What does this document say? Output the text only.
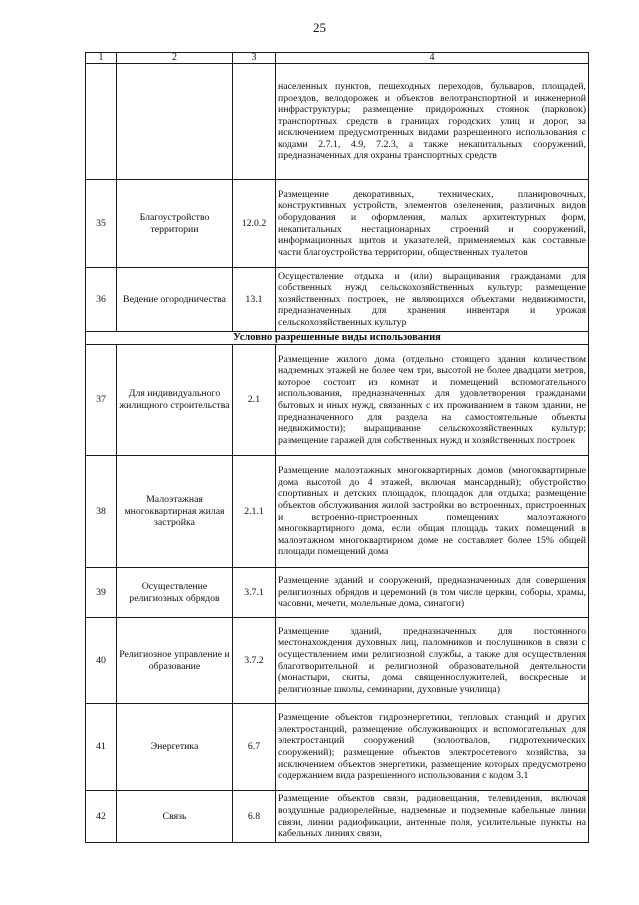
25
1	2	3	4
			населенных пунктов, пешеходных переходов, бульваров, площадей, проездов, велодорожек и объектов велотранспортной и инженерной инфраструктуры; размещение придорожных стоянок (парковок) транспортных средств в границах городских улиц и дорог, за исключением предусмотренных видами разрешенного использования с кодами 2.7.1, 4.9, 7.2.3, а также некапитальных сооружений, предназначенных для охраны транспортных средств
35	Благоустройство территории	12.0.2	Размещение декоративных, технических, планировочных, конструктивных устройств, элементов озеленения, различных видов оборудования и оформления, малых архитектурных форм, некапитальных нестационарных строений и сооружений, информационных щитов и указателей, применяемых как составные части благоустройства территории, общественных туалетов
36	Ведение огородничества	13.1	Осуществление отдыха и (или) выращивания гражданами для собственных нужд сельскохозяйственных культур; размещение хозяйственных построек, не являющихся объектами недвижимости, предназначенных для хранения инвентаря и урожая сельскохозяйственных культур
Условно разрешенные виды использования			
37	Для индивидуального жилищного строительства	2.1	Размещение жилого дома (отдельно стоящего здания количеством надземных этажей не более чем три, высотой не более двадцати метров, которое состоит из комнат и помещений вспомогательного использования, предназначенных для удовлетворения гражданами бытовых и иных нужд, связанных с их проживанием в таком здании, не предназначенного для раздела на самостоятельные объекты недвижимости); выращивание сельскохозяйственных культур; размещение гаражей для собственных нужд и хозяйственных построек
38	Малоэтажная многоквартирная жилая застройка	2.1.1	Размещение малоэтажных многоквартирных домов (многоквартирные дома высотой до 4 этажей, включая мансардный); обустройство спортивных и детских площадок, площадок для отдыха; размещение объектов обслуживания жилой застройки во встроенных, пристроенных и встроенно-пристроенных помещениях малоэтажного многоквартирного дома, если общая площадь таких помещений в малоэтажном многоквартирном доме не составляет более 15% общей площади помещений дома
39	Осуществление религиозных обрядов	3.7.1	Размещение зданий и сооружений, предназначенных для совершения религиозных обрядов и церемоний (в том числе церкви, соборы, храмы, часовни, мечети, молельные дома, синагоги)
40	Религиозное управление и образование	3.7.2	Размещение зданий, предназначенных для постоянного местонахождения духовных лиц, паломников и послушников в связи с осуществлением ими религиозной службы, а также для осуществления благотворительной и религиозной образовательной деятельности (монастыри, скиты, дома священнослужителей, воскресные и религиозные школы, семинарии, духовные училища)
41	Энергетика	6.7	Размещение объектов гидроэнергетики, тепловых станций и других электростанций, размещение обслуживающих и вспомогательных для электростанций сооружений (золоотвалов, гидротехнических сооружений); размещение объектов электросетевого хозяйства, за исключением объектов энергетики, размещение которых предусмотрено содержанием вида разрешенного использования с кодом 3.1
42	Связь	6.8	Размещение объектов связи, радиовещания, телевидения, включая воздушные радиорелейные, надземные и подземные кабельные линии связи, линии радиофикации, антенные поля, усилительные пункты на кабельных линиях связи,
